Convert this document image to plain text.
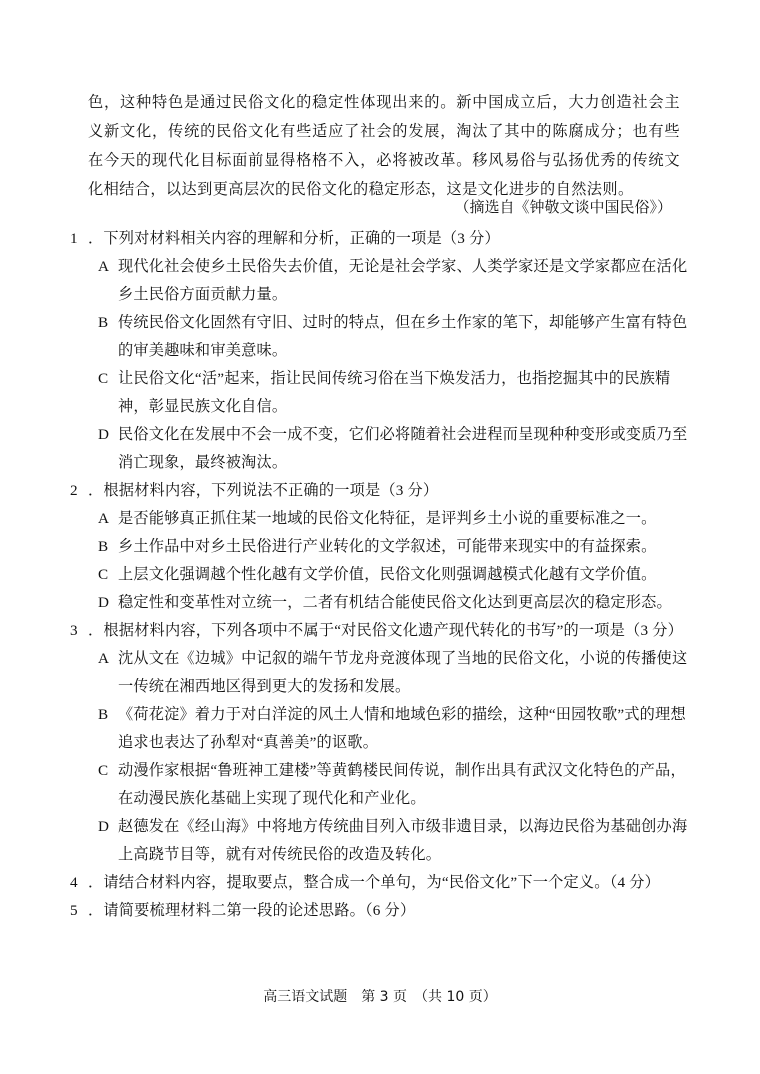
色，这种特色是通过民俗文化的稳定性体现出来的。新中国成立后，大力创造社会主义新文化，传统的民俗文化有些适应了社会的发展，淘汰了其中的陈腐成分；也有些在今天的现代化目标面前显得格格不入，必将被改革。移风易俗与弘扬优秀的传统文化相结合，以达到更高层次的民俗文化的稳定形态，这是文化进步的自然法则。

（摘选自《钟敬文谈中国民俗》）
1 ．下列对材料相关内容的理解和分析，正确的一项是（3 分）
A 现代化社会使乡土民俗失去价值，无论是社会学家、人类学家还是文学家都应在活化乡土民俗方面贡献力量。
B 传统民俗文化固然有守旧、过时的特点，但在乡土作家的笔下，却能够产生富有特色的审美趣味和审美意味。
C 让民俗文化“活”起来，指让民间传统习俗在当下焕发活力，也指挖掘其中的民族精神，彰显民族文化自信。
D 民俗文化在发展中不会一成不变，它们必将随着社会进程而呈现种种变形或变质乃至消亡现象，最终被淘汰。
2 ．根据材料内容，下列说法不正确的一项是（3 分）
A 是否能够真正抓住某一地域的民俗文化特征，是评判乡土小说的重要标准之一。
B 乡土作品中对乡土民俗进行产业转化的文学叙述，可能带来现实中的有益探索。
C 上层文化强调越个性化越有文学价值，民俗文化则强调越模式化越有文学价值。
D 稳定性和变革性对立统一，二者有机结合能使民俗文化达到更高层次的稳定形态。
3 ．根据材料内容，下列各项中不属于“对民俗文化遗产现代转化的书写”的一项是（3 分）
A 沈从文在《边城》中记叙的端午节龙舟竞渡体现了当地的民俗文化，小说的传播使这一传统在湘西地区得到更大的发扬和发展。
B 《荷花淀》着力于对白洋淀的风土人情和地域色彩的描绘，这种“田园牧歌”式的理想追求也表达了孙犁对“真善美”的讴歌。
C 动漫作家根据“鲁班神工建楼”等黄鹤楼民间传说，制作出具有武汉文化特色的产品，在动漫民族化基础上实现了现代化和产业化。
D 赵德发在《经山海》中将地方传统曲目列入市级非遗目录，以海边民俗为基础创办海上高跷节目等，就有对传统民俗的改造及转化。
4 ．请结合材料内容，提取要点，整合成一个单句，为“民俗文化”下一个定义。（4 分）
5 ．请简要梳理材料二第一段的论述思路。（6 分）
高三语文试题　第 3 页　（共 10 页）
